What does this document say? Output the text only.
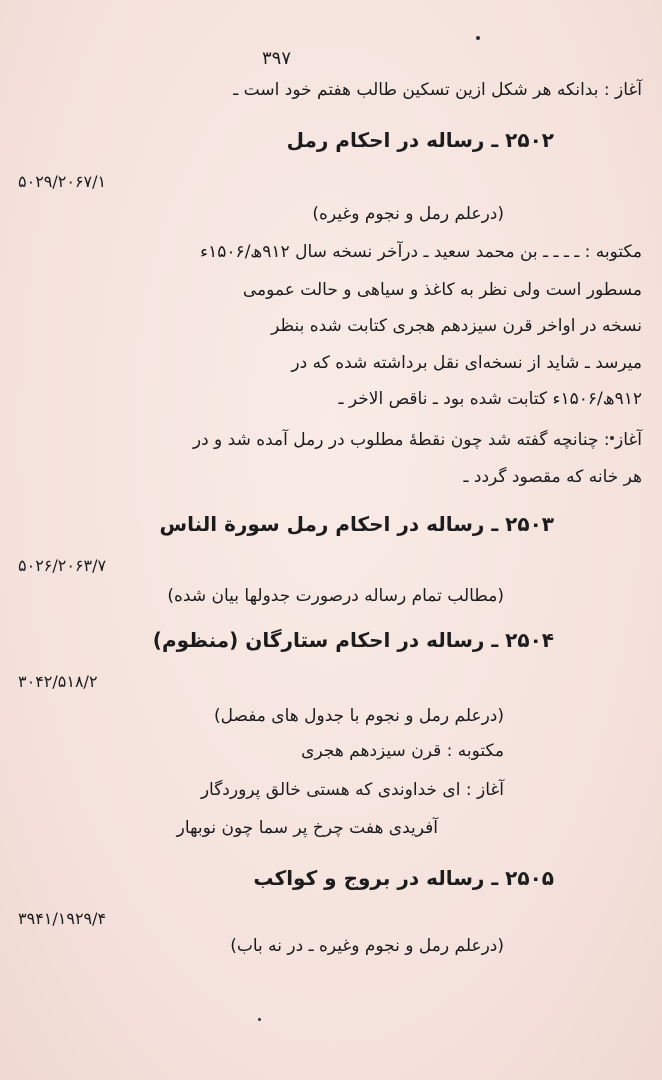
۳۹۷
آغاز : بدانکه هر شکل ازین تسکین طالب هفتم خود است ـ
۲۵۰۲ ـ رساله در احکام رمل
۵۰۲۹/۲۰۶۷/۱
(درعلم رمل و نجوم وغیره)
مکتوبه : ـ ـ ـ ـ بن محمد سعید ـ درآخر نسخه سال ۹۱۲ھ/۱۵۰۶ء
مسطور است ولی نظر به کاغذ و سیاهی و حالت عمومی
نسخه در اواخر قرن سیزدهم هجری کتابت شده بنظر
میرسد ـ شاید از نسخه‌ای نقل برداشته شده که در
۹۱۲ھ/۱۵۰۶ء کتابت شده بود ـ ناقص الاخر ـ
آغاز : چنانچه گفته شد چون نقطهٔ مطلوب در رمل آمده شد و در
هر خانه که مقصود گردد ـ
۲۵۰۳ ـ رساله در احکام رمل سورة الناس
۵۰۲۶/۲۰۶۳/۷
(مطالب تمام رساله درصورت جدولها بیان شده)
۲۵۰۴ ـ رساله در احکام ستارگان (منظوم)
۳۰۴۲/۵۱۸/۲
(درعلم رمل و نجوم با جدول های مفصل)
مکتوبه : قرن سیزدهم هجری
آغاز : ای خداوندی که هستی خالق پروردگار
آفریدی هفت چرخ پر سما چون نوبهار
۲۵۰۵ ـ رساله در بروج و کواکب
۳۹۴۱/۱۹۲۹/۴
(درعلم رمل و نجوم وغیره ـ در نه باب)
